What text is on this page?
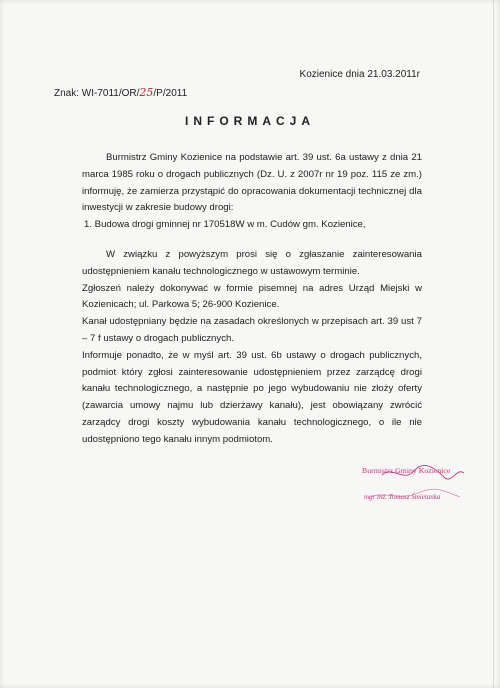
Kozienice dnia 21.03.2011r
Znak: WI-7011/OR/25/P/2011
INFORMACJA

Burmistrz Gminy Kozienice na podstawie art. 39 ust. 6a ustawy z dnia 21 marca 1985 roku o drogach publicznych (Dz. U. z 2007r nr 19 poz. 115 ze zm.) informuję, że zamierza przystąpić do opracowania dokumentacji technicznej dla inwestycji w zakresie budowy drogi:

1. Budowa drogi gminnej nr 170518W w m. Cudów gm. Kozienice,

W związku z powyższym prosi się o zgłaszanie zainteresowania udostępnieniem kanału technologicznego w ustawowym terminie.

Zgłoszeń należy dokonywać w formie pisemnej na adres Urząd Miejski w Kozienicach; ul. Parkowa 5; 26-900 Kozienice.

Kanał udostępniany będzie na zasadach określonych w przepisach art. 39 ust 7 – 7 f ustawy o drogach publicznych.

Informuje ponadto, że w myśl art. 39 ust. 6b ustawy o drogach publicznych, podmiot który zgłosi zainteresowanie udostępnieniem przez zarządcę drogi kanału technologicznego, a następnie po jego wybudowaniu nie złoży oferty (zawarcia umowy najmu lub dzierżawy kanału), jest obowiązany zwrócić zarządcy drogi koszty wybudowania kanału technologicznego, o ile nie udostępniono tego kanału innym podmiotom.

Burmistrz Gminy Kozienice
mgr inż. Tomasz Śmietanka
